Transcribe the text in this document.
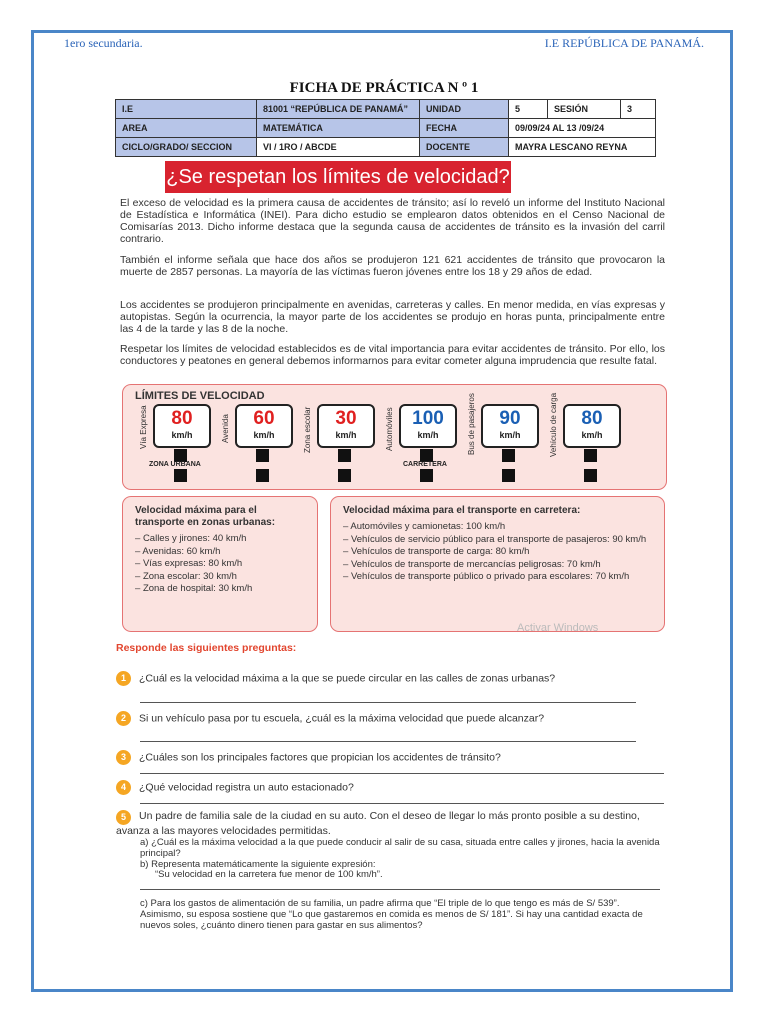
1ero secundaria.	I.E REPÚBLICA DE PANAMÁ.
FICHA DE PRÁCTICA N º 1
I.E	81001 “REPÚBLICA DE PANAMÁ”	UNIDAD	5	SESIÓN	3
AREA	MATEMÁTICA	FECHA	09/09/24 AL 13 /09/24		
CICLO/GRADO/ SECCION	VI / 1RO / ABCDE	DOCENTE	MAYRA LESCANO REYNA		
¿Se respetan los límites de velocidad?

El exceso de velocidad es la primera causa de accidentes de tránsito; así lo reveló un informe del Instituto Nacional de Estadística e Informática (INEI). Para dicho estudio se emplearon datos obtenidos en el Censo Nacional de Comisarías 2013. Dicho informe destaca que la segunda causa de accidentes de tránsito es la invasión del carril contrario.

También el informe señala que hace dos años se produjeron 121 621 accidentes de tránsito que provocaron la muerte de 2857 personas. La mayoría de las víctimas fueron jóvenes entre los 18 y 29 años de edad.

Los accidentes se produjeron principalmente en avenidas, carreteras y calles. En menor medida, en vías expresas y autopistas. Según la ocurrencia, la mayor parte de los accidentes se produjo en horas punta, principalmente entre las 4 de la tarde y las 8 de la noche.

Respetar los límites de velocidad establecidos es de vital importancia para evitar accidentes de tránsito. Por ello, los conductores y peatones en general debemos informarnos para evitar cometer alguna imprudencia que resulte fatal.

LÍMITES DE VELOCIDAD
Vía Expresa	80
km/h	Avenida	60
km/h	Zona escolar	30
km/h	Automóviles 100
km/h	Bus de pasajeros	90
km/h	Vehículo de carga	80
km/h
ZONA URBANA	CARRETERA

Velocidad máxima para el transporte en zonas urbanas:

– Calles y jirones: 40 km/h
– Avenidas: 60 km/h
– Vías expresas: 80 km/h
– Zona escolar: 30 km/h
– Zona de hospital: 30 km/h

Velocidad máxima para el transporte en carretera:

– Automóviles y camionetas: 100 km/h
– Vehículos de servicio público para el transporte de pasajeros: 90 km/h
– Vehículos de transporte de carga: 80 km/h
– Vehículos de transporte de mercancías peligrosas: 70 km/h
– Vehículos de transporte público o privado para escolares: 70 km/h
Activar Windows
Responde las siguientes preguntas:
1 ¿Cuál es la velocidad máxima a la que se puede circular en las calles de zonas urbanas?
2 Si un vehículo pasa por tu escuela, ¿cuál es la máxima velocidad que puede alcanzar?
3 ¿Cuáles son los principales factores que propician los accidentes de tránsito?
4 ¿Qué velocidad registra un auto estacionado?
5 Un padre de familia sale de la ciudad en su auto. Con el deseo de llegar lo más pronto posible a su destino, avanza a las mayores velocidades permitidas.

a) ¿Cuál es la máxima velocidad a la que puede conducir al salir de su casa, situada entre calles y jirones, hacia la avenida principal?

b) Representa matemáticamente la siguiente expresión:

“Su velocidad en la carretera fue menor de 100 km/h”.

c) Para los gastos de alimentación de su familia, un padre afirma que “El triple de lo que tengo es más de S/ 539”. Asimismo, su esposa sostiene que “Lo que gastaremos en comida es menos de S/ 181”. Si hay una cantidad exacta de nuevos soles, ¿cuánto dinero tienen para gastar en sus alimentos?
